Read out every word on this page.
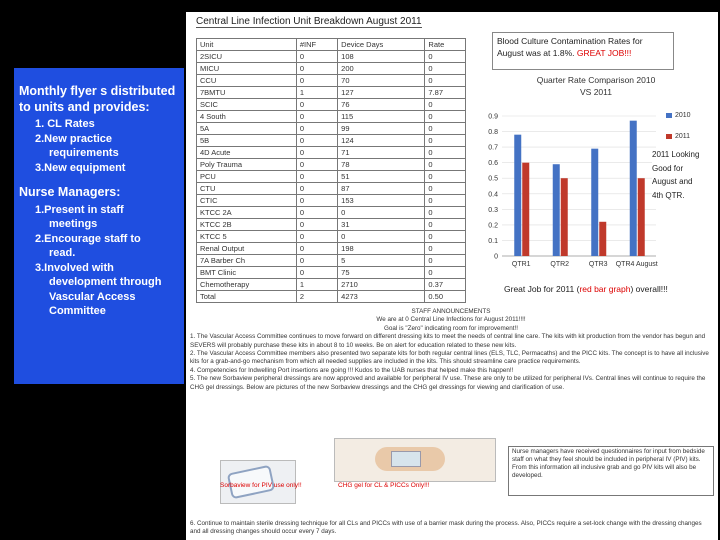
Monthly flyer s distributed to units and provides:
1. CL Rates
2.New practice
requirements
3.New equipment
Nurse Managers:
1.Present in staff
meetings
2.Encourage staff to
read.
3.Involved with
development through
Vascular Access
Committee
Central Line Infection Unit Breakdown August 2011
Unit	#INF	Device Days	Rate
2SICU	0	108	0
MICU	0	200	0
CCU	0	70	0
7BMTU	1	127	7.87
SCIC	0	76	0
4 South	0	115	0
5A	0	99	0
5B	0	124	0
4D Acute	0	71	0
Poly Trauma	0	78	0
PCU	0	51	0
CTU	0	87	0
CTIC	0	153	0
KTCC 2A	0	0	0
KTCC 2B	0	31	0
KTCC 5	0	0	0
Renal Output	0	198	0
7A Barber Ch	0	5	0
BMT Clinic	0	75	0
Chemotherapy	1	2710	0.37
Total	2	4273	0.50
Blood Culture Contamination Rates for
August was at 1.8%. GREAT JOB!!!
Quarter Rate Comparison 2010 VS 2011
0
0.1
0.2
0.3
0.4
0.5
0.6
0.7
0.8
0.9
QTR1	QTR2	QTR3 QTR4 August
2010
2011
2011 Looking Good for August and 4th QTR.
Great Job for 2011 (red bar graph) overall!!!

STAFF ANNOUNCEMENTS

We are at 0 Central Line Infections for August 2011!!!!

Goal is "Zero" indicating room for improvement!!

1. The Vascular Access Committee continues to move forward on different dressing kits to meet the needs of central line care. The kits with kit production from the vendor has begun and SEVERS will probably purchase these kits in about 8 to 10 weeks. Be on alert for education related to these new kits.

2. The Vascular Access Committee members also presented two separate kits for both regular central lines (ELS, TLC, Permacaths) and the PICC kits. The concept is to have all inclusive kits for a grab-and-go mechanism from which all needed supplies are included in the kits. This should streamline care practice requirements.

4. Competencies for Indwelling Port insertions are going !!! Kudos to the UAB nurses that helped make this happen!!

5. The new Sorbaview peripheral dressings are now approved and available for peripheral IV use. These are only to be utilized for peripheral IVs. Central lines will continue to require the CHG gel dressings. Below are pictures of the new Sorbaview dressings and the CHG gel dressings for viewing and clarification of use.

Sorbaview for PIV use only!!	CHG gel for CL & PICCs Only!!!
Nurse managers have received questionnaires for input from bedside staff on what they feel should be included in peripheral IV (PIV) kits. From this information all inclusive grab and go PIV kits will also be developed.
6. Continue to maintain sterile dressing technique for all CLs and PICCs with use of a barrier mask during the process. Also, PICCs require a set-lock change with the dressing changes and all dressing changes should occur every 7 days.
